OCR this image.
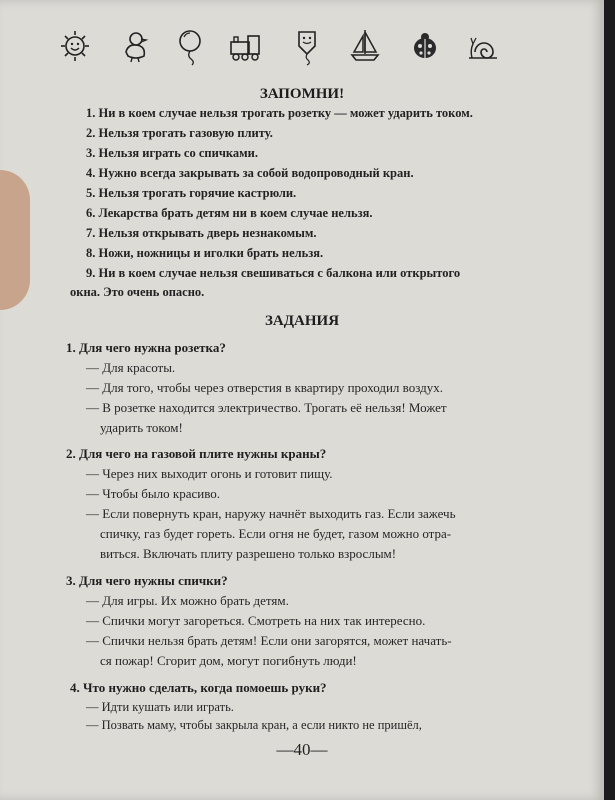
ЗАПОМНИ!
1. Ни в коем случае нельзя трогать розетку — может ударить током.
2. Нельзя трогать газовую плиту.
3. Нельзя играть со спичками.
4. Нужно всегда закрывать за собой водопроводный кран.
5. Нельзя трогать горячие кастрюли.
6. Лекарства брать детям ни в коем случае нельзя.
7. Нельзя открывать дверь незнакомым.
8. Ножи, ножницы и иголки брать нельзя.
9. Ни в коем случае нельзя свешиваться с балкона или открытого
окна. Это очень опасно.
ЗАДАНИЯ
1. Для чего нужна розетка?
— Для красоты.
— Для того, чтобы через отверстия в квартиру проходил воздух.
— В розетке находится электричество. Трогать её нельзя! Может
ударить током!
2. Для чего на газовой плите нужны краны?
— Через них выходит огонь и готовит пищу.
— Чтобы было красиво.
— Если повернуть кран, наружу начнёт выходить газ. Если зажечь
спичку, газ будет гореть. Если огня не будет, газом можно отра-
виться. Включать плиту разрешено только взрослым!
3. Для чего нужны спички?
— Для игры. Их можно брать детям.
— Спички могут загореться. Смотреть на них так интересно.
— Спички нельзя брать детям! Если они загорятся, может начать-
ся пожар! Сгорит дом, могут погибнуть люди!
4. Что нужно сделать, когда помоешь руки?
— Идти кушать или играть.
— Позвать маму, чтобы закрыла кран, а если никто не пришёл,
—40—
